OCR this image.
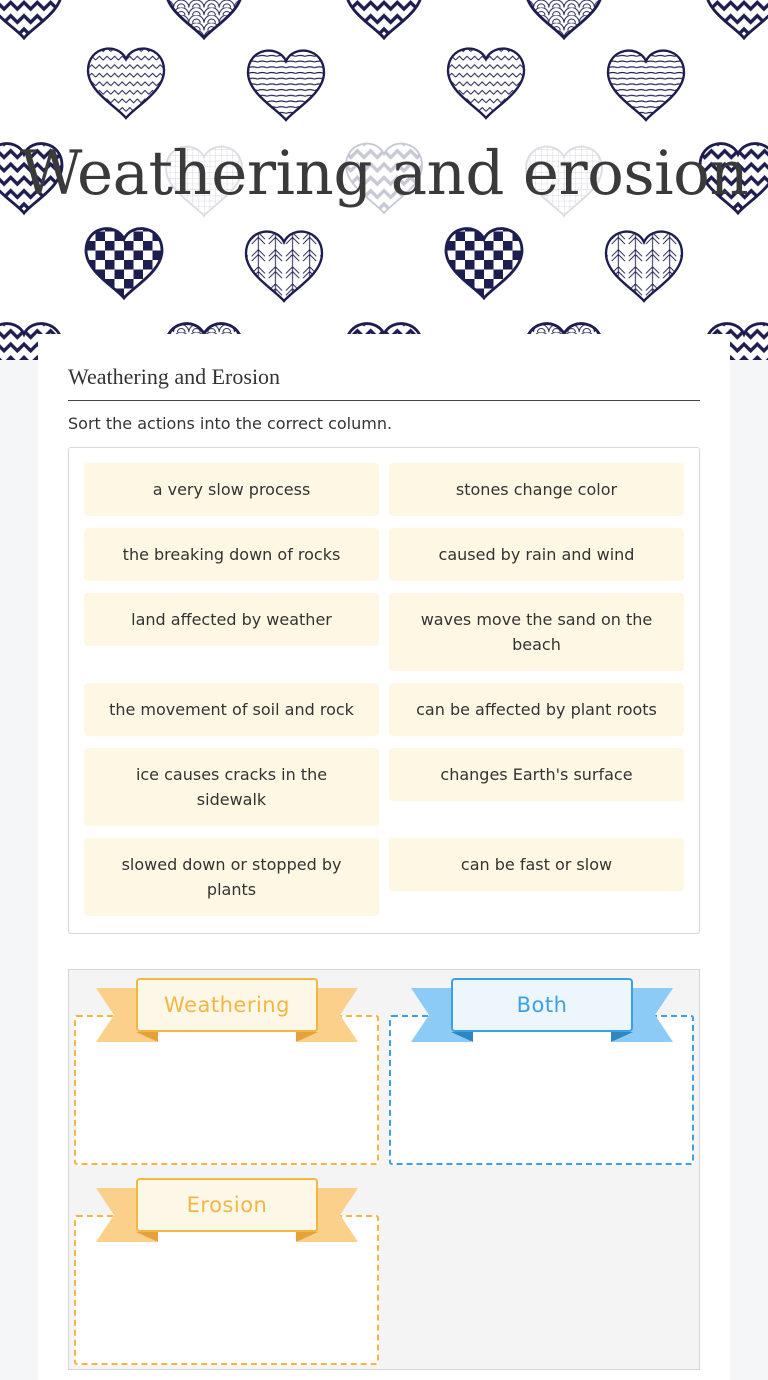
Weathering and erosion
Weathering and Erosion
Sort the actions into the correct column.
a very slow process	stones change color
the breaking down of rocks	caused by rain and wind
land affected by weather	waves move the sand on the beach
the movement of soil and rock	can be affected by plant roots
ice causes cracks in the sidewalk
changes Earth's surface
slowed down or stopped by plants
can be fast or slow
Weathering	Both
Erosion
